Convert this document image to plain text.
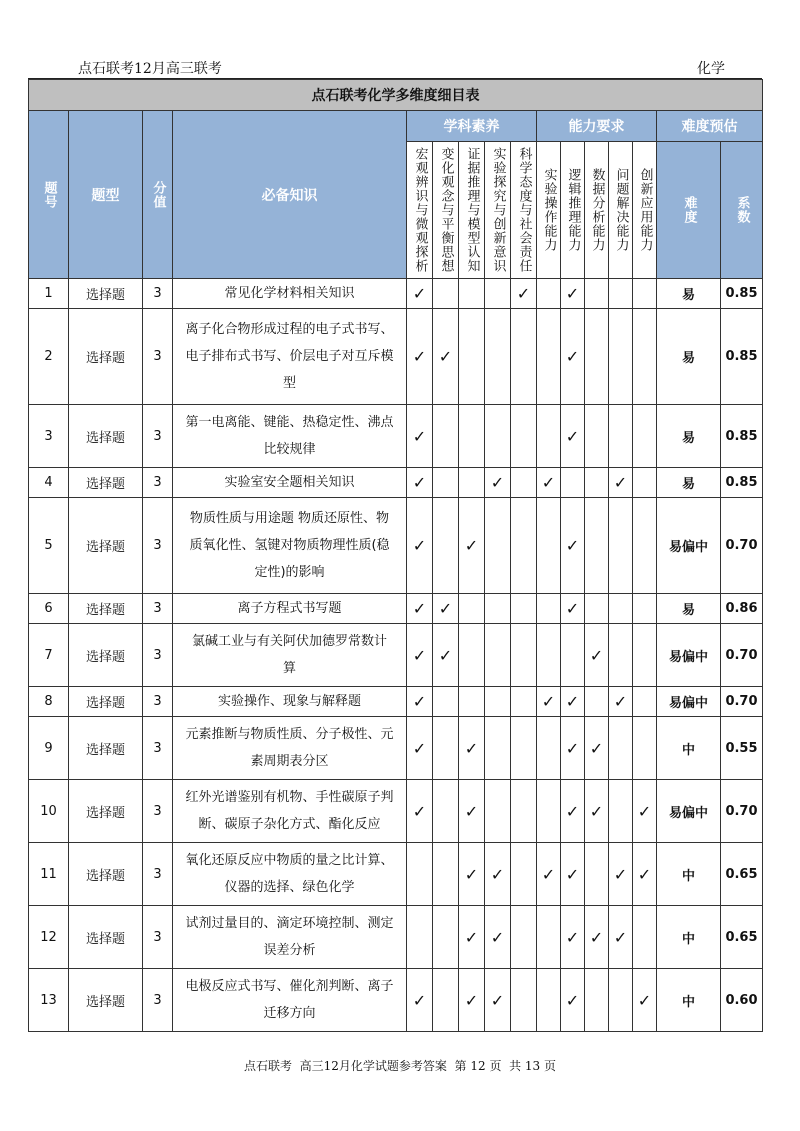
点石联考12月高三联考	化学
点石联考化学多维度细目表															

题号	题型	分值	必备知识	学科素养					能力要求					难度预估	

				宏观辨识与微观探析	变化观念与平衡思想	证据推理与模型认知	实验探究与创新意识	科学态度与社会责任	实验操作能力	逻辑推理能力	数据分析能力	问题解决能力	创新应用能力	难度	系数

1	选择题	3	常见化学材料相关知识	✓				✓		✓				易	0.85
2	选择题	3	离子化合物形成过程的电子式书写、
电子排布式书写、价层电子对互斥模
型	✓	✓					✓				易	0.85
3	选择题	3	第一电离能、键能、热稳定性、沸点
比较规律	✓						✓				易	0.85
4	选择题	3	实验室安全题相关知识	✓			✓		✓			✓		易	0.85
5	选择题	3	物质性质与用途题 物质还原性、物
质氧化性、氢键对物质物理性质(稳
定性)的影响	✓		✓				✓				易偏中	0.70
6	选择题	3	离子方程式书写题	✓	✓					✓				易	0.86
7	选择题	3	氯碱工业与有关阿伏加德罗常数计
算	✓	✓						✓			易偏中	0.70
8	选择题	3	实验操作、现象与解释题	✓					✓	✓		✓		易偏中	0.70
9	选择题	3	元素推断与物质性质、分子极性、元
素周期表分区	✓		✓				✓	✓			中	0.55
10	选择题	3	红外光谱鉴别有机物、手性碳原子判
断、碳原子杂化方式、酯化反应	✓		✓				✓	✓		✓	易偏中	0.70
11	选择题	3	氧化还原反应中物质的量之比计算、
仪器的选择、绿色化学			✓	✓		✓	✓		✓	✓	中	0.65
12	选择题	3	试剂过量目的、滴定环境控制、测定
误差分析			✓	✓			✓	✓	✓		中	0.65
13	选择题	3	电极反应式书写、催化剂判断、离子
迁移方向	✓		✓	✓			✓			✓	中	0.60
点石联考  高三12月化学试题参考答案  第 12 页  共 13 页
